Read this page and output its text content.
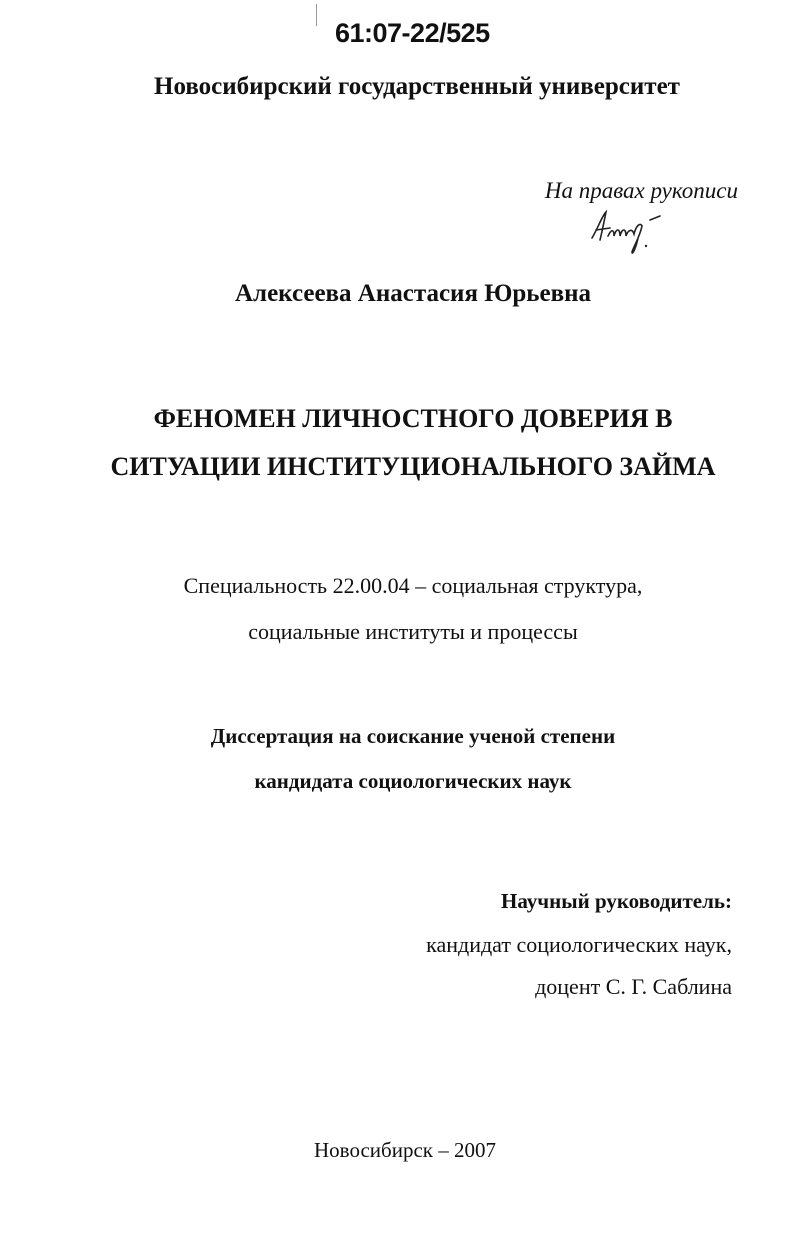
61:07-22/525
Новосибирский государственный университет
На правах рукописи
Алексеева Анастасия Юрьевна
ФЕНОМЕН ЛИЧНОСТНОГО ДОВЕРИЯ В
СИТУАЦИИ ИНСТИТУЦИОНАЛЬНОГО ЗАЙМА
Специальность 22.00.04 – социальная структура,
социальные институты и процессы
Диссертация на соискание ученой степени
кандидата социологических наук
Научный руководитель:
кандидат социологических наук,
доцент С. Г. Саблина
Новосибирск – 2007
